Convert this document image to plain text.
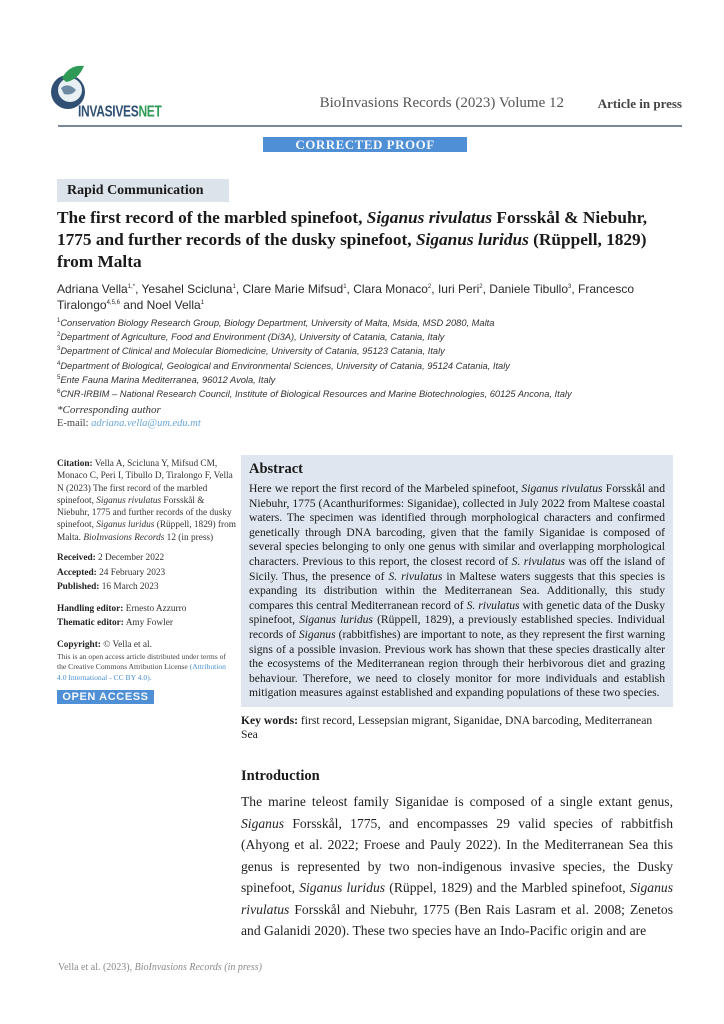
INVASIVESNET	BioInvasions Records (2023) Volume 12	Article in press
CORRECTED PROOF
Rapid Communication
The first record of the marbled spinefoot, Siganus rivulatus Forsskål & Niebuhr, 1775 and further records of the dusky spinefoot, Siganus luridus (Rüppell, 1829) from Malta
Adriana Vella$^{1,*}$, Yesahel Scicluna$^1$, Clare Marie Mifsud$^1$, Clara Monaco$^2$, Iuri Peri$^2$, Daniele Tibullo$^3$, Francesco Tiralongo$^{4,5,6}$ and Noel Vella$^1$
$^1$Conservation Biology Research Group, Biology Department, University of Malta, Msida, MSD 2080, Malta
$^2$Department of Agriculture, Food and Environment (Di3A), University of Catania, Catania, Italy
$^3$Department of Clinical and Molecular Biomedicine, University of Catania, 95123 Catania, Italy
$^4$Department of Biological, Geological and Environmental Sciences, University of Catania, 95124 Catania, Italy
$^5$Ente Fauna Marina Mediterranea, 96012 Avola, Italy
$^6$CNR-IRBIM – National Research Council, Institute of Biological Resources and Marine Biotechnologies, 60125 Ancona, Italy
*Corresponding author
E-mail: adriana.vella@um.edu.mt
Citation: Vella A, Scicluna Y, Mifsud CM, Monaco C, Peri I, Tibullo D, Tiralongo F, Vella N (2023) The first record of the marbled spinefoot, Siganus rivulatus Forsskål & Niebuhr, 1775 and further records of the dusky spinefoot, Siganus luridus (Rüppell, 1829) from Malta. BioInvasions Records 12 (in press)
Received: 2 December 2022
Accepted: 24 February 2023
Published: 16 March 2023
Handling editor: Ernesto Azzurro
Thematic editor: Amy Fowler
Copyright: © Vella et al.
This is an open access article distributed under terms of the Creative Commons Attribution License (Attribution 4.0 International - CC BY 4.0).
OPEN ACCESS
Abstract

Here we report the first record of the Marbeled spinefoot, Siganus rivulatus Forsskål and Niebuhr, 1775 (Acanthuriformes: Siganidae), collected in July 2022 from Maltese coastal waters. The specimen was identified through morphological characters and confirmed genetically through DNA barcoding, given that the family Siganidae is composed of several species belonging to only one genus with similar and overlapping morphological characters. Previous to this report, the closest record of S. rivulatus was off the island of Sicily. Thus, the presence of S. rivulatus in Maltese waters suggests that this species is expanding its distribution within the Mediterranean Sea. Additionally, this study compares this central Mediterranean record of S. rivulatus with genetic data of the Dusky spinefoot, Siganus luridus (Rüppell, 1829), a previously established species. Individual records of Siganus (rabbitfishes) are important to note, as they represent the first warning signs of a possible invasion. Previous work has shown that these species drastically alter the ecosystems of the Mediterranean region through their herbivorous diet and grazing behaviour. Therefore, we need to closely monitor for more individuals and establish mitigation measures against established and expanding populations of these two species.

Key words: first record, Lessepsian migrant, Siganidae, DNA barcoding, Mediterranean Sea
Introduction

The marine teleost family Siganidae is composed of a single extant genus, Siganus Forsskål, 1775, and encompasses 29 valid species of rabbitfish (Ahyong et al. 2022; Froese and Pauly 2022). In the Mediterranean Sea this genus is represented by two non-indigenous invasive species, the Dusky spinefoot, Siganus luridus (Rüppel, 1829) and the Marbled spinefoot, Siganus rivulatus Forsskål and Niebuhr, 1775 (Ben Rais Lasram et al. 2008; Zenetos and Galanidi 2020). These two species have an Indo-Pacific origin and are

Vella et al. (2023), BioInvasions Records (in press)
